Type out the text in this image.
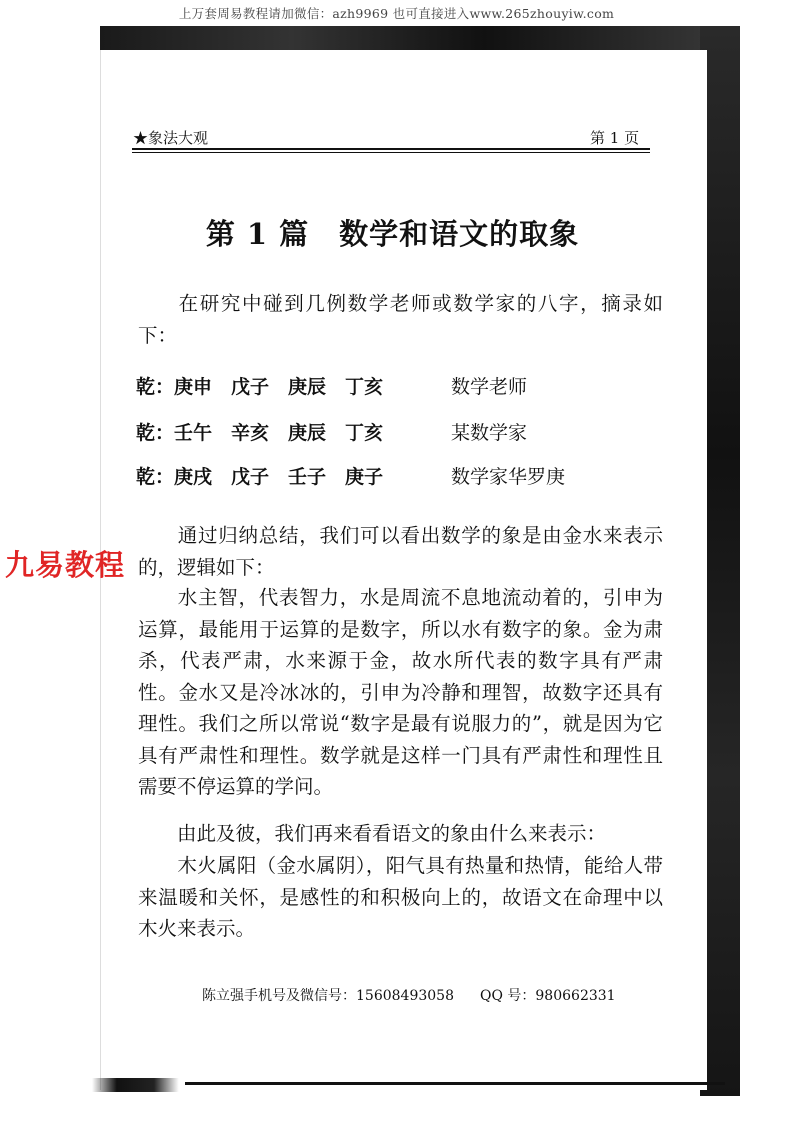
上万套周易教程请加微信：azh9969 也可直接进入www.265zhouyiw.com
★象法大观	第 1 页
第 1 篇　数学和语文的取象
在研究中碰到几例数学老师或数学家的八字，摘录如下：
乾：庚申　戊子　庚辰　丁亥	数学老师
乾：壬午　辛亥　庚辰　丁亥	某数学家
乾：庚戌　戊子　壬子　庚子	数学家华罗庚
通过归纳总结，我们可以看出数学的象是由金水来表示的，逻辑如下：
水主智，代表智力，水是周流不息地流动着的，引申为运算，最能用于运算的是数字，所以水有数字的象。金为肃杀，代表严肃，水来源于金，故水所代表的数字具有严肃性。金水又是冷冰冰的，引申为冷静和理智，故数字还具有理性。我们之所以常说“数字是最有说服力的”，就是因为它具有严肃性和理性。数学就是这样一门具有严肃性和理性且需要不停运算的学问。
由此及彼，我们再来看看语文的象由什么来表示：
木火属阳（金水属阴），阳气具有热量和热情，能给人带来温暖和关怀，是感性的和积极向上的，故语文在命理中以木火来表示。
九易教程
陈立强手机号及微信号：15608493058 QQ 号：980662331
